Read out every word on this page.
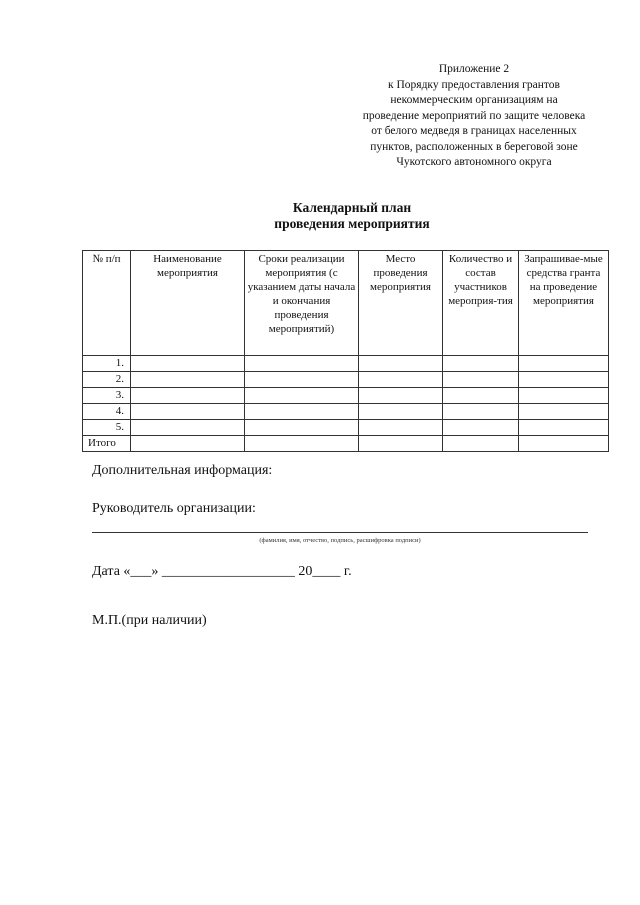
Приложение 2
к Порядку предоставления грантов
некоммерческим организациям на
проведение мероприятий по защите человека
от белого медведя в границах населенных
пунктов, расположенных в береговой зоне
Чукотского автономного округа
Календарный план
проведения мероприятия
№ п/п	Наименование мероприятия	Сроки реализации мероприятия (с указанием даты начала и окончания проведения мероприятий)	Место проведения мероприятия	Количество и состав участников мероприя-тия	Запрашивае-мые средства гранта на проведение мероприятия
1.					
2.					
3.					
4.					
5.					
Итого					
Дополнительная информация:
Руководитель организации:
(фамилия, имя, отчество, подпись, расшифровка подписи)
Дата «___» ___________________ 20____ г.
М.П.(при наличии)
